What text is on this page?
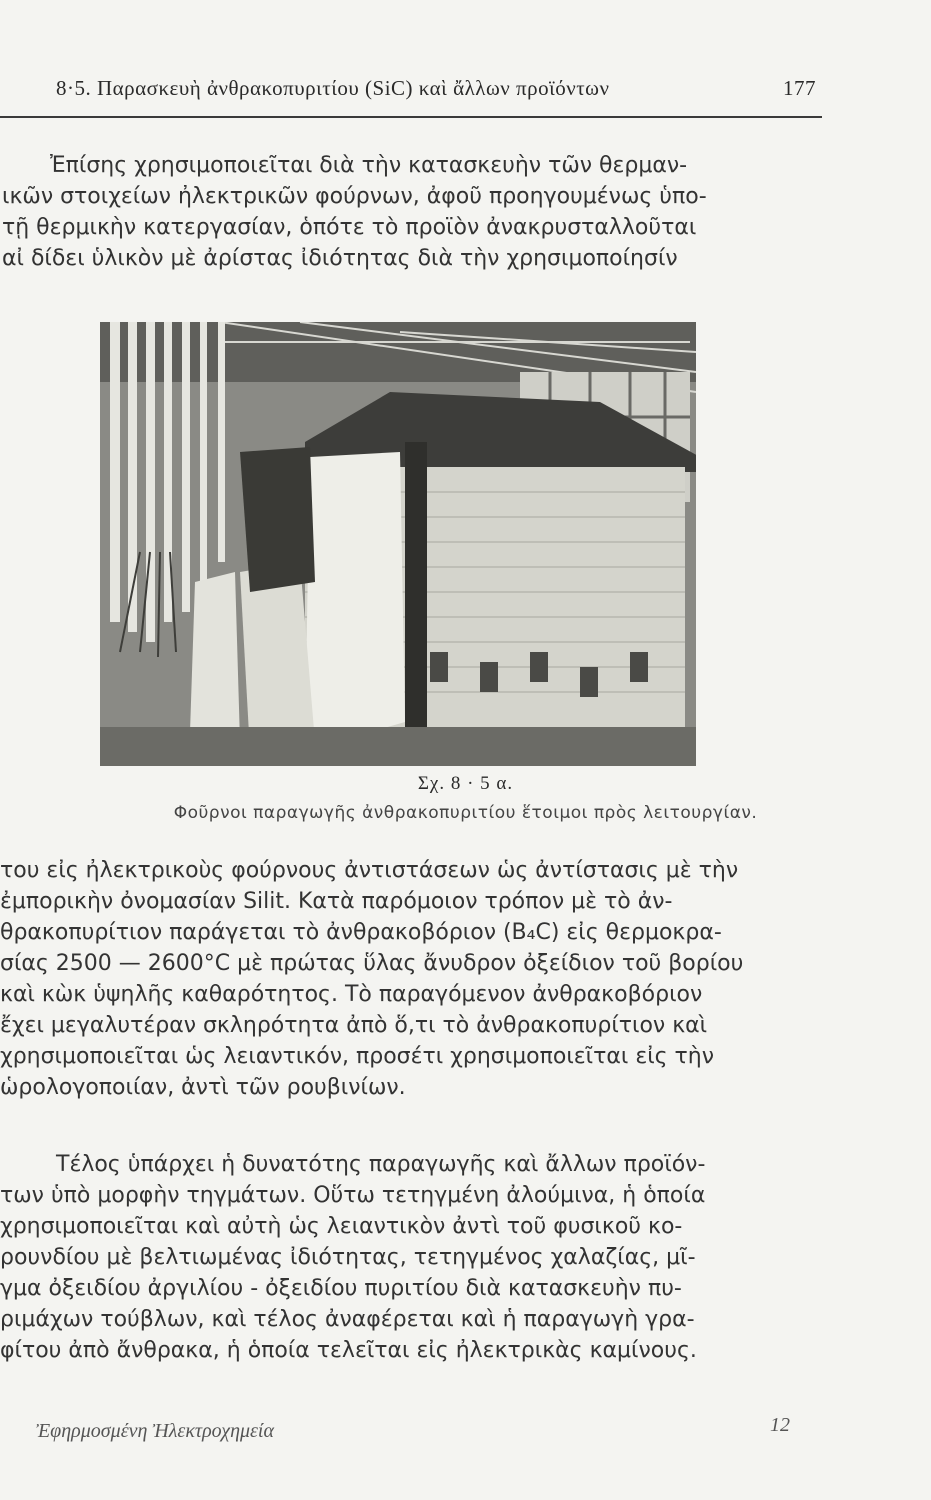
8·5. Παρασκευὴ ἀνθρακοπυριτίου (SiC) καὶ ἄλλων προϊόντων	177
Ἐπίσης χρησιμοποιεῖται διὰ τὴν κατασκευὴν τῶν θερμαν-
ικῶν στοιχείων ἠλεκτρικῶν φούρνων, ἀφοῦ προηγουμένως ὑπο-
τῇ θερμικὴν κατεργασίαν, ὁπότε τὸ προϊὸν ἀνακρυσταλλοῦται
αἰ δίδει ὑλικὸν μὲ ἀρίστας ἰδιότητας διὰ τὴν χρησιμοποίησίν
Σχ. 8 · 5 α.
Φοῦρνοι παραγωγῆς ἀνθρακοπυριτίου ἕτοιμοι πρὸς λειτουργίαν.
του εἰς ἠλεκτρικοὺς φούρνους ἀντιστάσεων ὡς ἀντίστασις μὲ τὴν
ἐμπορικὴν ὀνομασίαν Silit. Κατὰ παρόμοιον τρόπον μὲ τὸ ἀν-
θρακοπυρίτιον παράγεται τὸ ἀνθρακοβόριον (B₄C) εἰς θερμοκρα-
σίας 2500 — 2600°C μὲ πρώτας ὕλας ἄνυδρον ὀξείδιον τοῦ βορίου
καὶ κὼκ ὑψηλῆς καθαρότητος. Τὸ παραγόμενον ἀνθρακοβόριον
ἔχει μεγαλυτέραν σκληρότητα ἀπὸ ὅ,τι τὸ ἀνθρακοπυρίτιον καὶ
χρησιμοποιεῖται ὡς λειαντικόν, προσέτι χρησιμοποιεῖται εἰς τὴν
ὡρολογοποιίαν, ἀντὶ τῶν ρουβινίων.
Τέλος ὑπάρχει ἡ δυνατότης παραγωγῆς καὶ ἄλλων προϊόν-
των ὑπὸ μορφὴν τηγμάτων. Οὕτω τετηγμένη ἀλούμινα, ἡ ὁποία
χρησιμοποιεῖται καὶ αὐτὴ ὡς λειαντικὸν ἀντὶ τοῦ φυσικοῦ κο-
ρουνδίου μὲ βελτιωμένας ἰδιότητας, τετηγμένος χαλαζίας, μῖ-
γμα ὀξειδίου ἀργιλίου - ὀξειδίου πυριτίου διὰ κατασκευὴν πυ-
ριμάχων τούβλων, καὶ τέλος ἀναφέρεται καὶ ἡ παραγωγὴ γρα-
φίτου ἀπὸ ἄνθρακα, ἡ ὁποία τελεῖται εἰς ἠλεκτρικὰς καμίνους.
Ἐφηρμοσμένη Ἠλεκτροχημεία	12
